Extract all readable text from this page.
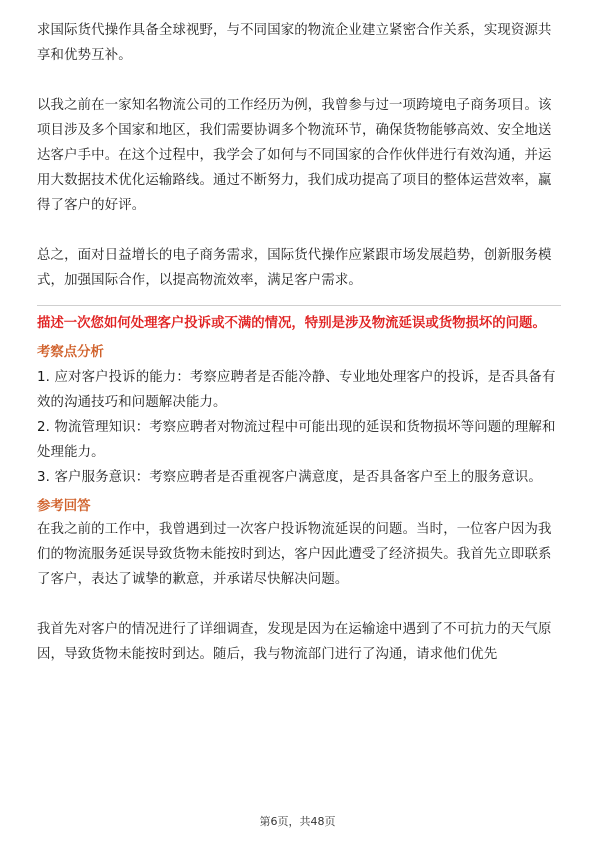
求国际货代操作具备全球视野，与不同国家的物流企业建立紧密合作关系，实现资源共享和优势互补。

以我之前在一家知名物流公司的工作经历为例，我曾参与过一项跨境电子商务项目。该项目涉及多个国家和地区，我们需要协调多个物流环节，确保货物能够高效、安全地送达客户手中。在这个过程中，我学会了如何与不同国家的合作伙伴进行有效沟通，并运用大数据技术优化运输路线。通过不断努力，我们成功提高了项目的整体运营效率，赢得了客户的好评。

总之，面对日益增长的电子商务需求，国际货代操作应紧跟市场发展趋势，创新服务模式，加强国际合作，以提高物流效率，满足客户需求。

描述一次您如何处理客户投诉或不满的情况，特别是涉及物流延误或货物损坏的问题。

考察点分析

1. 应对客户投诉的能力：考察应聘者是否能冷静、专业地处理客户的投诉，是否具备有效的沟通技巧和问题解决能力。

2. 物流管理知识：考察应聘者对物流过程中可能出现的延误和货物损坏等问题的理解和处理能力。

3. 客户服务意识：考察应聘者是否重视客户满意度，是否具备客户至上的服务意识。

参考回答

在我之前的工作中，我曾遇到过一次客户投诉物流延误的问题。当时，一位客户因为我们的物流服务延误导致货物未能按时到达，客户因此遭受了经济损失。我首先立即联系了客户，表达了诚挚的歉意，并承诺尽快解决问题。

我首先对客户的情况进行了详细调查，发现是因为在运输途中遇到了不可抗力的天气原因，导致货物未能按时到达。随后，我与物流部门进行了沟通，请求他们优先

第6页，共48页
